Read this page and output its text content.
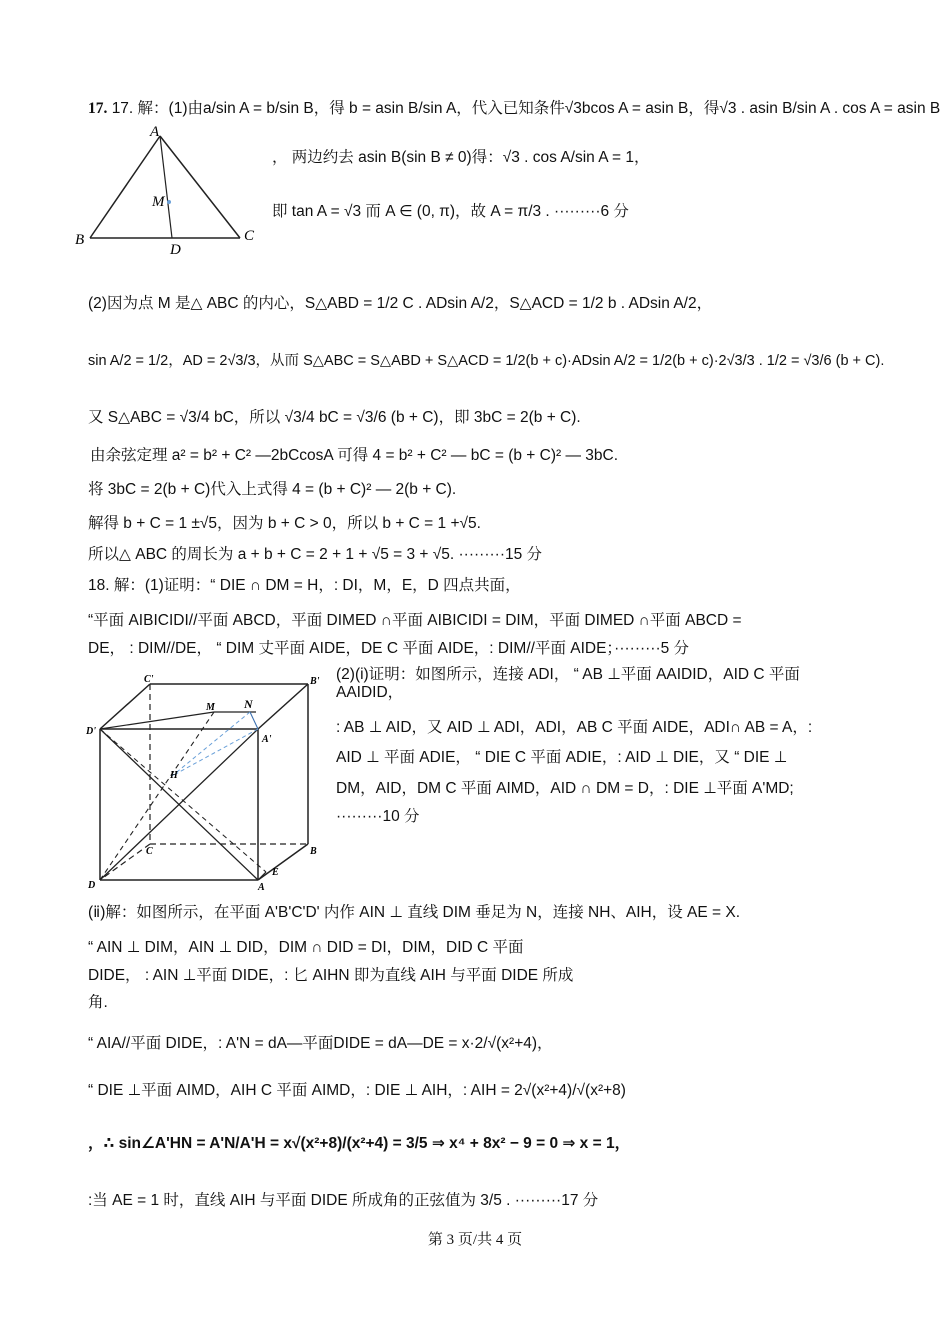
17. 17. 解：(1)由a/sin A = b/sin B，得 b = asin B/sin A，代入已知条件√3bcos A = asin B，得√3 . asin B/sin A . cos A = asin B
A
B	C
D
M
， 两边约去 asin B(sin B ≠ 0)得：√3 . cos A/sin A = 1，
即 tan A = √3 而 A ∈ (0, π)，故 A = π/3 . ·········6 分
(2)因为点 M 是△ ABC 的内心，S△ABD = 1/2 C . ADsin A/2，S△ACD = 1/2 b . ADsin A/2，
sin A/2 = 1/2，AD = 2√3/3，从而 S△ABC = S△ABD + S△ACD = 1/2(b + c)·ADsin A/2 = 1/2(b + c)·2√3/3 . 1/2 = √3/6 (b + C).
又 S△ABC = √3/4 bC，所以 √3/4 bC = √3/6 (b + C)，即 3bC = 2(b + C).
由余弦定理 a² = b² + C² —2bCcosA 可得 4 = b² + C² — bC = (b + C)² — 3bC.
将 3bC = 2(b + C)代入上式得 4 = (b + C)² — 2(b + C).
解得 b + C = 1 ±√5，因为 b + C > 0，所以 b + C = 1 +√5.
所以△ ABC 的周长为 a + b + C = 2 + 1 + √5 = 3 + √5. ·········15 分
18. 解：(1)证明：“ DIE ∩ DM = H，: DI，M，E，D 四点共面，
“平面 AIBICIDI//平面 ABCD，平面 DIMED ∩平面 AIBICIDI = DIM，平面 DIMED ∩平面 ABCD =
DE， : DIM//DE， “ DIM 丈平面 AIDE，DE C 平面 AIDE，: DIM//平面 AIDE；·········5 分
C'	B'
D'
A'
M N
H
C	B
D	A
E
(2)(i)证明：如图所示，连接 ADI， “ AB ⊥平面 AAIDID，AID C 平面
AAIDID，
: AB ⊥ AID，又 AID ⊥ ADI，ADI，AB C 平面 AIDE，ADI∩ AB = A，:
AID ⊥ 平面 ADIE， “ DIE C 平面 ADIE，: AID ⊥ DIE，又 “ DIE ⊥
DM，AID，DM C 平面 AIMD，AID ∩ DM = D，: DIE ⊥平面 A'MD;
·········10 分
(ⅱ)解：如图所示，在平面 A'B'C'D' 内作 AIN ⊥ 直线 DIM 垂足为 N，连接 NH、AIH，设 AE = X.
“ AIN ⊥ DIM，AIN ⊥ DID，DIM ∩ DID = DI，DIM，DID C 平面
DIDE， : AIN ⊥平面 DIDE，: 匕 AIHN 即为直线 AIH 与平面 DIDE 所成
角.
“ AIA//平面 DIDE，: A'N = dA—平面DIDE = dA—DE = x·2/√(x²+4)，
“ DIE ⊥平面 AIMD，AIH C 平面 AIMD，: DIE ⊥ AIH，: AIH = 2√(x²+4)/√(x²+8)
，∴ sin∠A'HN = A'N/A'H = x√(x²+8)/(x²+4) = 3/5 ⇒ x⁴ + 8x² − 9 = 0 ⇒ x = 1，
:当 AE = 1 时，直线 AIH 与平面 DIDE 所成角的正弦值为 3/5 . ·········17 分
第 3 页/共 4 页
